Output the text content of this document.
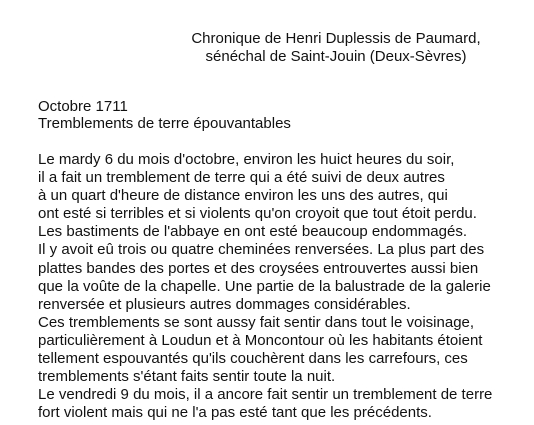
Chronique de Henri Duplessis de Paumard,
sénéchal de Saint-Jouin (Deux-Sèvres)
Octobre 1711
Tremblements de terre épouvantables
Le mardy 6 du mois d'octobre, environ les huict heures du soir,
il a fait un tremblement de terre qui a été suivi de deux autres
à un quart d'heure de distance environ les uns des autres, qui
ont esté si terribles et si violents qu'on croyoit que tout étoit perdu.
Les bastiments de l'abbaye en ont esté beaucoup endommagés.
Il y avoit eû trois ou quatre cheminées renversées. La plus part des
plattes bandes des portes et des croysées entrouvertes aussi bien
que la voûte de la chapelle. Une partie de la balustrade de la galerie
renversée et plusieurs autres dommages considérables.
Ces tremblements se sont aussy fait sentir dans tout le voisinage,
particulièrement à Loudun et à Moncontour où les habitants étoient
tellement espouvantés qu'ils couchèrent dans les carrefours, ces
tremblements s'étant faits sentir toute la nuit.
Le vendredi 9 du mois, il a ancore fait sentir un tremblement de terre
fort violent mais qui ne l'a pas esté tant que les précédents.
